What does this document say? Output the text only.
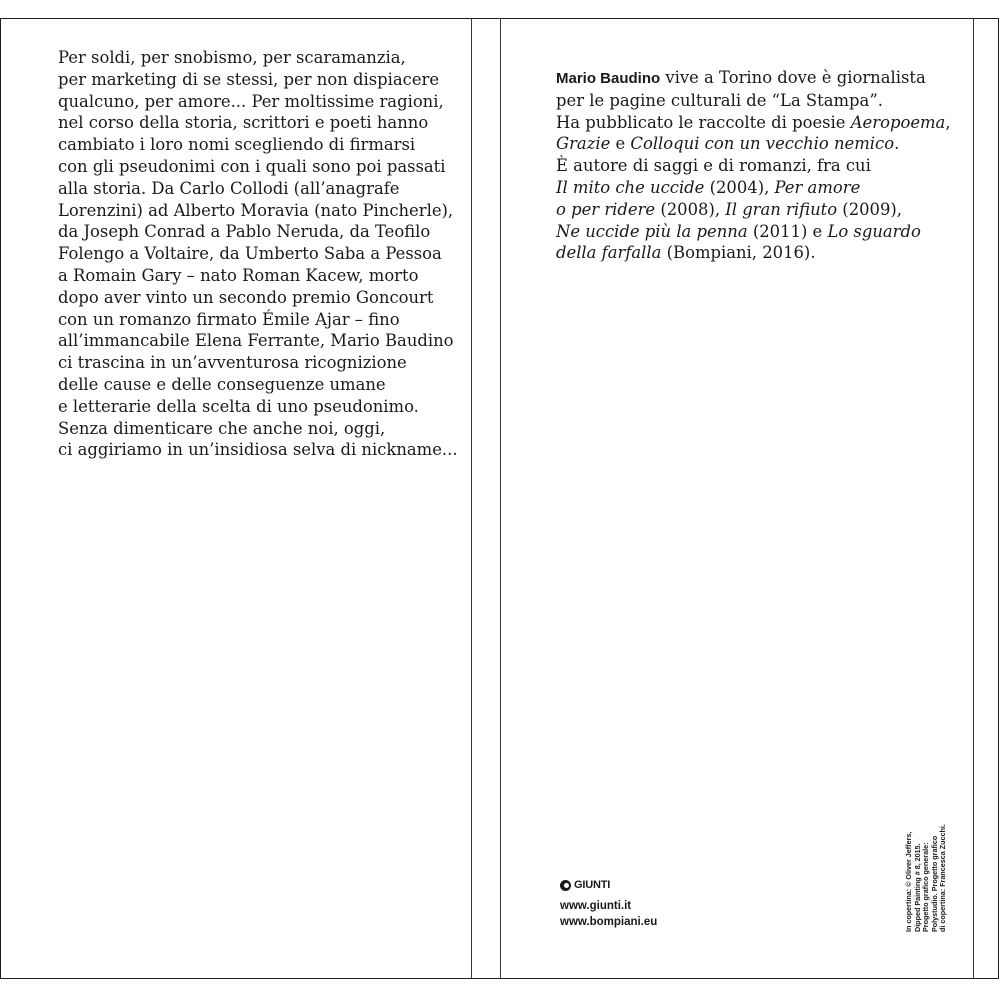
Per soldi, per snobismo, per scaramanzia,
per marketing di se stessi, per non dispiacere
qualcuno, per amore... Per moltissime ragioni,
nel corso della storia, scrittori e poeti hanno
cambiato i loro nomi scegliendo di firmarsi
con gli pseudonimi con i quali sono poi passati
alla storia. Da Carlo Collodi (all’anagrafe
Lorenzini) ad Alberto Moravia (nato Pincherle),
da Joseph Conrad a Pablo Neruda, da Teofilo
Folengo a Voltaire, da Umberto Saba a Pessoa
a Romain Gary – nato Roman Kacew, morto
dopo aver vinto un secondo premio Goncourt
con un romanzo firmato Émile Ajar – fino
all’immancabile Elena Ferrante, Mario Baudino
ci trascina in un’avventurosa ricognizione
delle cause e delle conseguenze umane
e letterarie della scelta di uno pseudonimo.
Senza dimenticare che anche noi, oggi,
ci aggiriamo in un’insidiosa selva di nickname...

Mario Baudino vive a Torino dove è giornalista
per le pagine culturali de “La Stampa”.
Ha pubblicato le raccolte di poesie Aeropoema,
Grazie e Colloqui con un vecchio nemico.
È autore di saggi e di romanzi, fra cui
Il mito che uccide (2004), Per amore
o per ridere (2008), Il gran rifiuto (2009),
Ne uccide più la penna (2011) e Lo sguardo
della farfalla (Bompiani, 2016).

GIUNTI
www.giunti.it
www.bompiani.eu	In copertina: © Oliver Jeffers, Dipped Painting # 8, 2015. Progetto grafico generale: Polystudio. Progetto grafico di copertina: Francesca Zucchi.
